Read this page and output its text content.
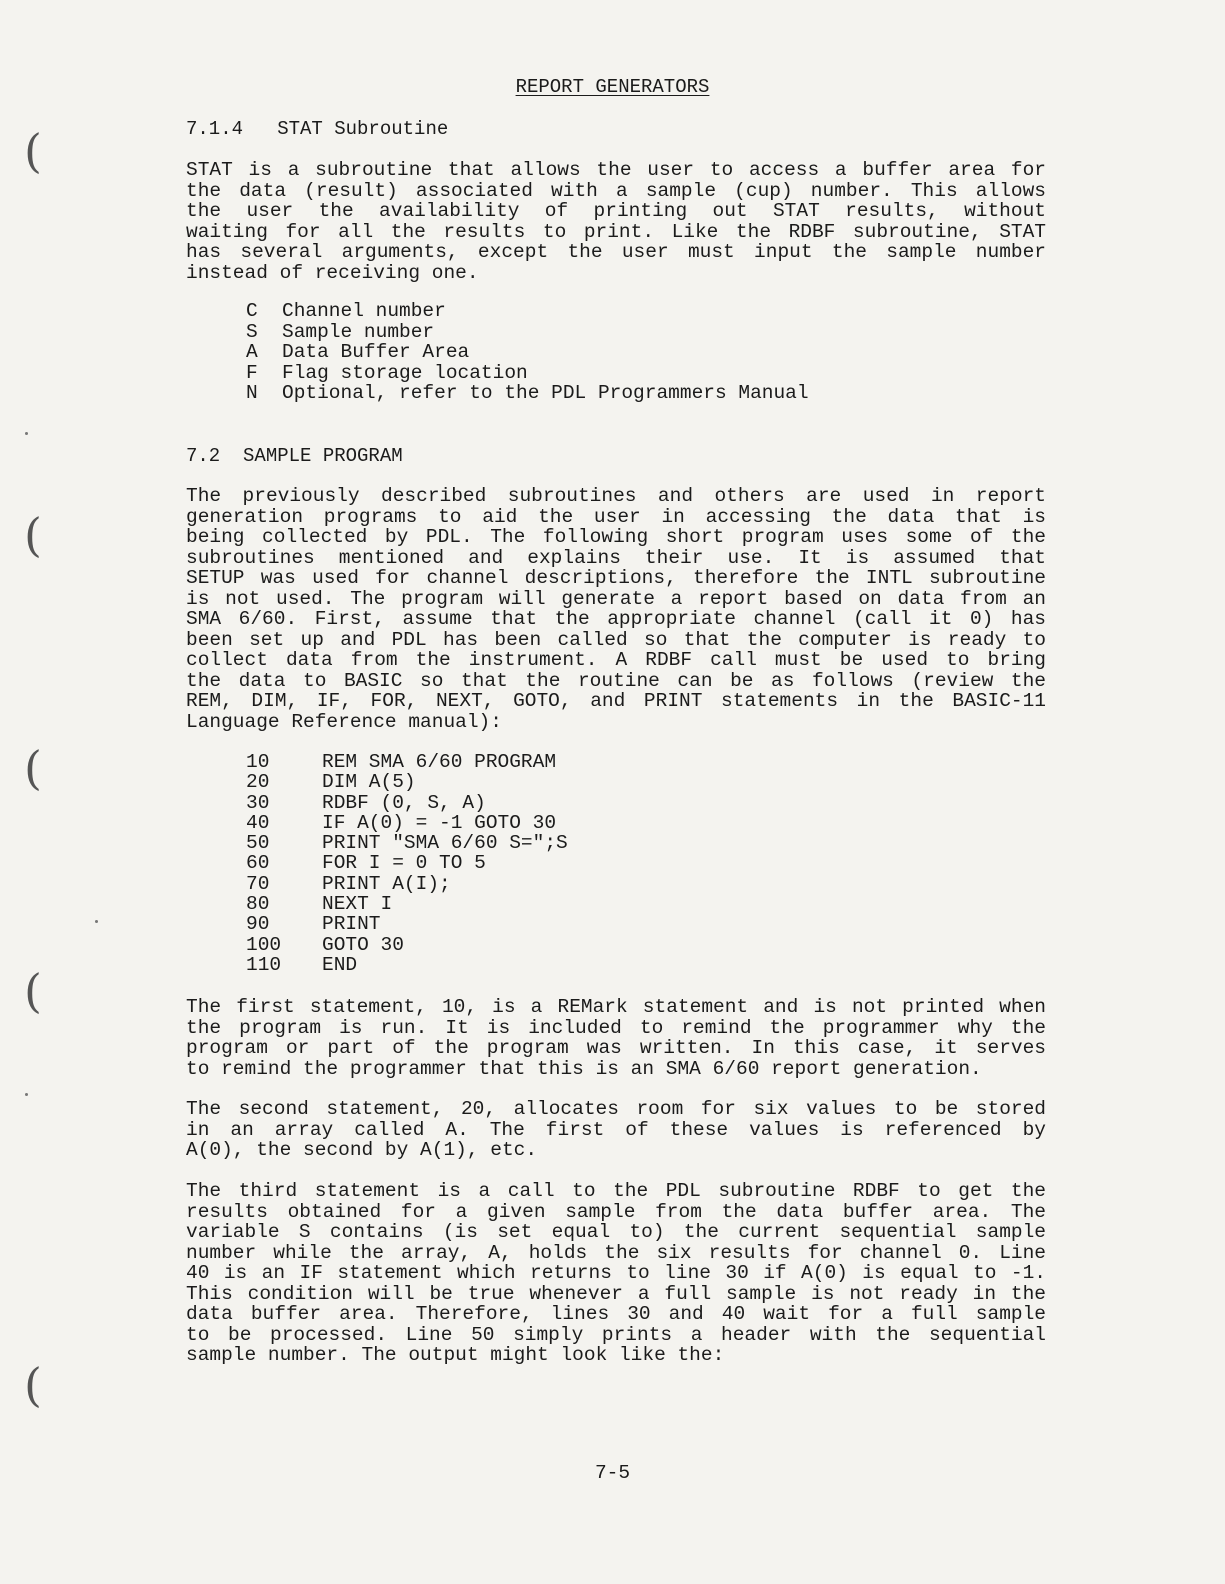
REPORT GENERATORS
7.1.4   STAT Subroutine
STAT is a subroutine that allows the user to access a buffer area for
the data (result) associated with a sample (cup) number. This allows
the user the availability of printing out STAT results, without
waiting for all the results to print. Like the RDBF subroutine, STAT
has several arguments, except the user must input the sample number
instead of receiving one.
C	Channel number
S	Sample number
A	Data Buffer Area
F	Flag storage location
N	Optional, refer to the PDL Programmers Manual
7.2  SAMPLE PROGRAM
The previously described subroutines and others are used in report
generation programs to aid the user in accessing the data that is
being collected by PDL. The following short program uses some of the
subroutines mentioned and explains their use. It is assumed that
SETUP was used for channel descriptions, therefore the INTL subroutine
is not used. The program will generate a report based on data from an
SMA 6/60. First, assume that the appropriate channel (call it 0) has
been set up and PDL has been called so that the computer is ready to
collect data from the instrument. A RDBF call must be used to bring
the data to BASIC so that the routine can be as follows (review the
REM, DIM, IF, FOR, NEXT, GOTO, and PRINT statements in the BASIC-11
Language Reference manual):
10	REM SMA 6/60 PROGRAM
20	DIM A(5)
30	RDBF (0, S, A)
40	IF A(0) = -1 GOTO 30
50	PRINT "SMA 6/60 S=";S
60	FOR I = 0 TO 5
70	PRINT A(I);
80	NEXT I
90	PRINT
100	GOTO 30
110	END
The first statement, 10, is a REMark statement and is not printed when
the program is run. It is included to remind the programmer why the
program or part of the program was written. In this case, it serves
to remind the programmer that this is an SMA 6/60 report generation.
The second statement, 20, allocates room for six values to be stored
in an array called A. The first of these values is referenced by
A(0), the second by A(1), etc.
The third statement is a call to the PDL subroutine RDBF to get the
results obtained for a given sample from the data buffer area. The
variable S contains (is set equal to) the current sequential sample
number while the array, A, holds the six results for channel 0. Line
40 is an IF statement which returns to line 30 if A(0) is equal to -1.
This condition will be true whenever a full sample is not ready in the
data buffer area. Therefore, lines 30 and 40 wait for a full sample
to be processed. Line 50 simply prints a header with the sequential
sample number. The output might look like the:
7-5
(
(
(
(
(
